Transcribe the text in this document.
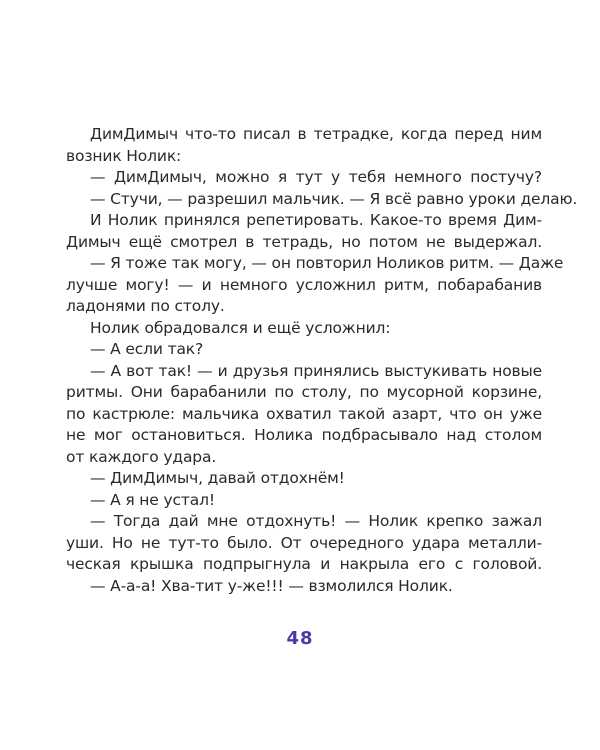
ДимДимыч что-то писал в тетрадке, когда перед ним
возник Нолик:
— ДимДимыч, можно я тут у тебя немного постучу?
— Стучи, — разрешил мальчик. — Я всё равно уроки делаю.
И Нолик принялся репетировать. Какое-то время Дим-
Димыч ещё смотрел в тетрадь, но потом не выдержал.
— Я тоже так могу, — он повторил Ноликов ритм. — Даже
лучше могу! — и немного усложнил ритм, побарабанив
ладонями по столу.
Нолик обрадовался и ещё усложнил:
— А если так?
— А вот так! — и друзья принялись выстукивать новые
ритмы. Они барабанили по столу, по мусорной корзине,
по кастрюле: мальчика охватил такой азарт, что он уже
не мог остановиться. Нолика подбрасывало над столом
от каждого удара.
— ДимДимыч, давай отдохнём!
— А я не устал!
— Тогда дай мне отдохнуть! — Нолик крепко зажал
уши. Но не тут-то было. От очередного удара металли-
ческая крышка подпрыгнула и накрыла его с головой.
— А-а-а! Хва-тит у-же!!! — взмолился Нолик.
48
